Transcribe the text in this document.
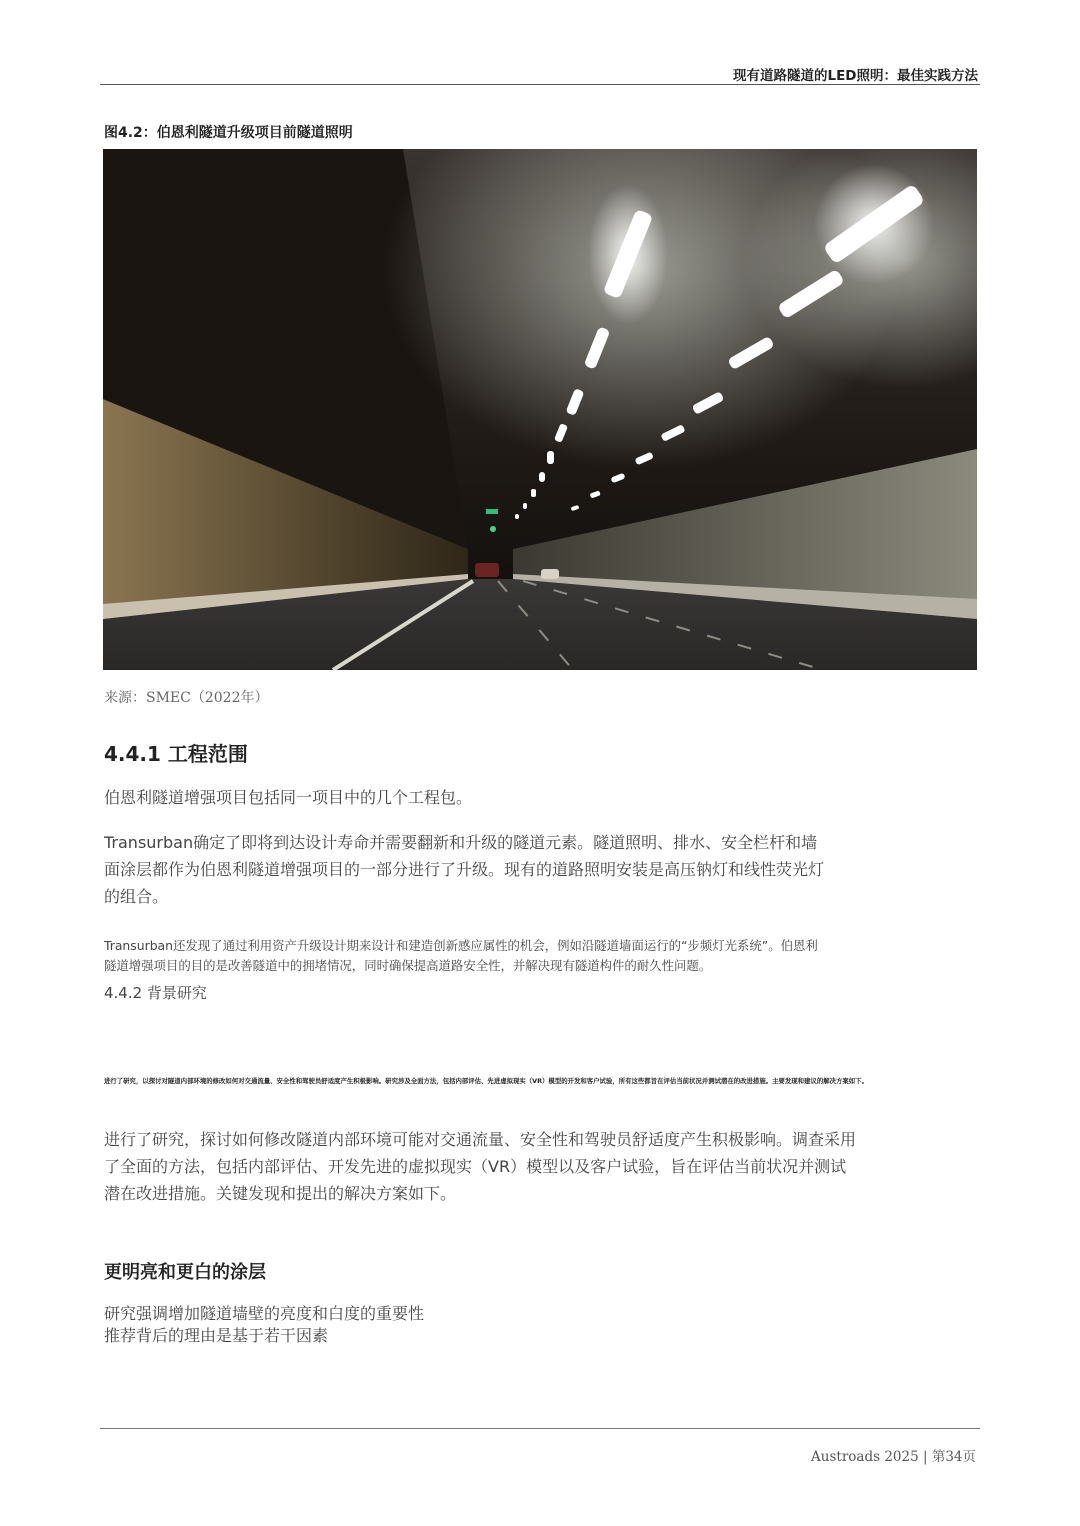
现有道路隧道的LED照明：最佳实践方法
图4.2：伯恩利隧道升级项目前隧道照明
来源：SMEC（2022年）
4.4.1 工程范围
伯恩利隧道增强项目包括同一项目中的几个工程包。
Transurban确定了即将到达设计寿命并需要翻新和升级的隧道元素。隧道照明、排水、安全栏杆和墙
面涂层都作为伯恩利隧道增强项目的一部分进行了升级。现有的道路照明安装是高压钠灯和线性荧光灯
的组合。
Transurban还发现了通过利用资产升级设计期来设计和建造创新感应属性的机会，例如沿隧道墙面运行的“步频灯光系统”。伯恩利
隧道增强项目的目的是改善隧道中的拥堵情况，同时确保提高道路安全性，并解决现有隧道构件的耐久性问题。
4.4.2 背景研究
进行了研究，以探讨对隧道内部环境的修改如何对交通流量、安全性和驾驶员舒适度产生积极影响。研究涉及全面方法，包括内部评估、先进虚拟现实（VR）模型的开发和客户试验，所有这些都旨在评估当前状况并测试潜在的改进措施。主要发现和建议的解决方案如下。
进行了研究，探讨如何修改隧道内部环境可能对交通流量、安全性和驾驶员舒适度产生积极影响。调查采用
了全面的方法，包括内部评估、开发先进的虚拟现实（VR）模型以及客户试验，旨在评估当前状况并测试
潜在改进措施。关键发现和提出的解决方案如下。
更明亮和更白的涂层
研究强调增加隧道墙壁的亮度和白度的重要性
推荐背后的理由是基于若干因素
Austroads 2025 | 第34页
